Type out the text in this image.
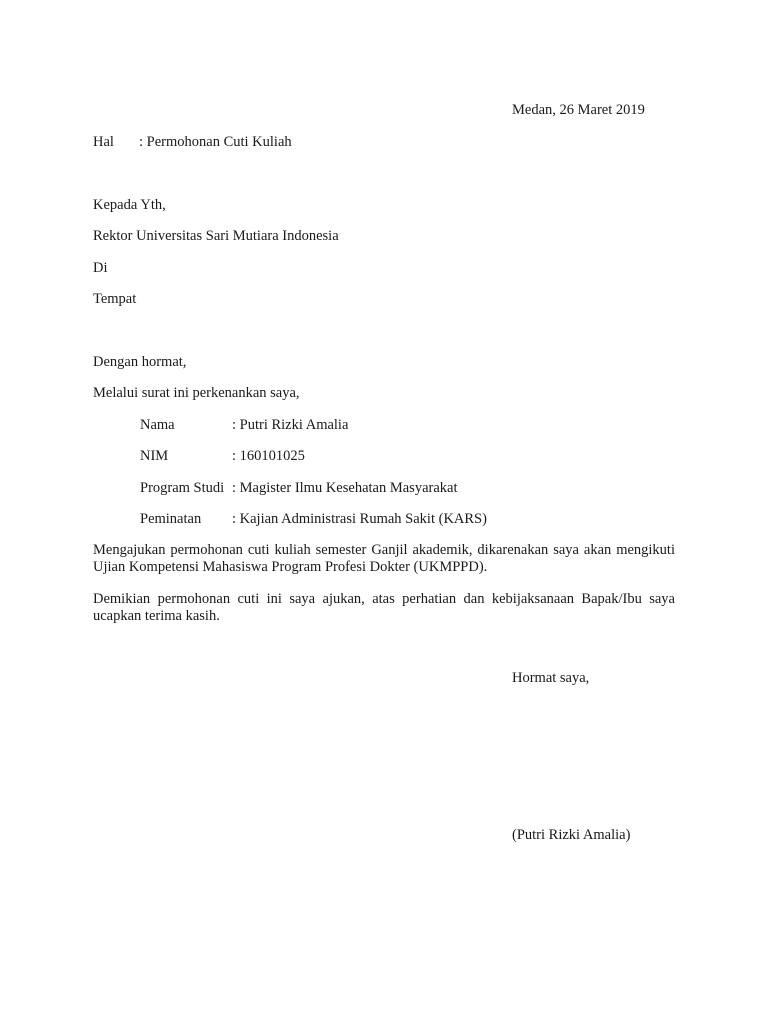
Medan, 26 Maret 2019
Hal : Permohonan Cuti Kuliah
Kepada Yth,
Rektor Universitas Sari Mutiara Indonesia
Di
Tempat
Dengan hormat,
Melalui surat ini perkenankan saya,
Nama	: Putri Rizki Amalia
NIM	: 160101025
Program Studi : Magister Ilmu Kesehatan Masyarakat
Peminatan : Kajian Administrasi Rumah Sakit (KARS)
Mengajukan permohonan cuti kuliah semester Ganjil akademik, dikarenakan saya akan mengikuti Ujian Kompetensi Mahasiswa Program Profesi Dokter (UKMPPD).
Demikian permohonan cuti ini saya ajukan, atas perhatian dan kebijaksanaan Bapak/Ibu saya ucapkan terima kasih.
Hormat saya,
(Putri Rizki Amalia)
